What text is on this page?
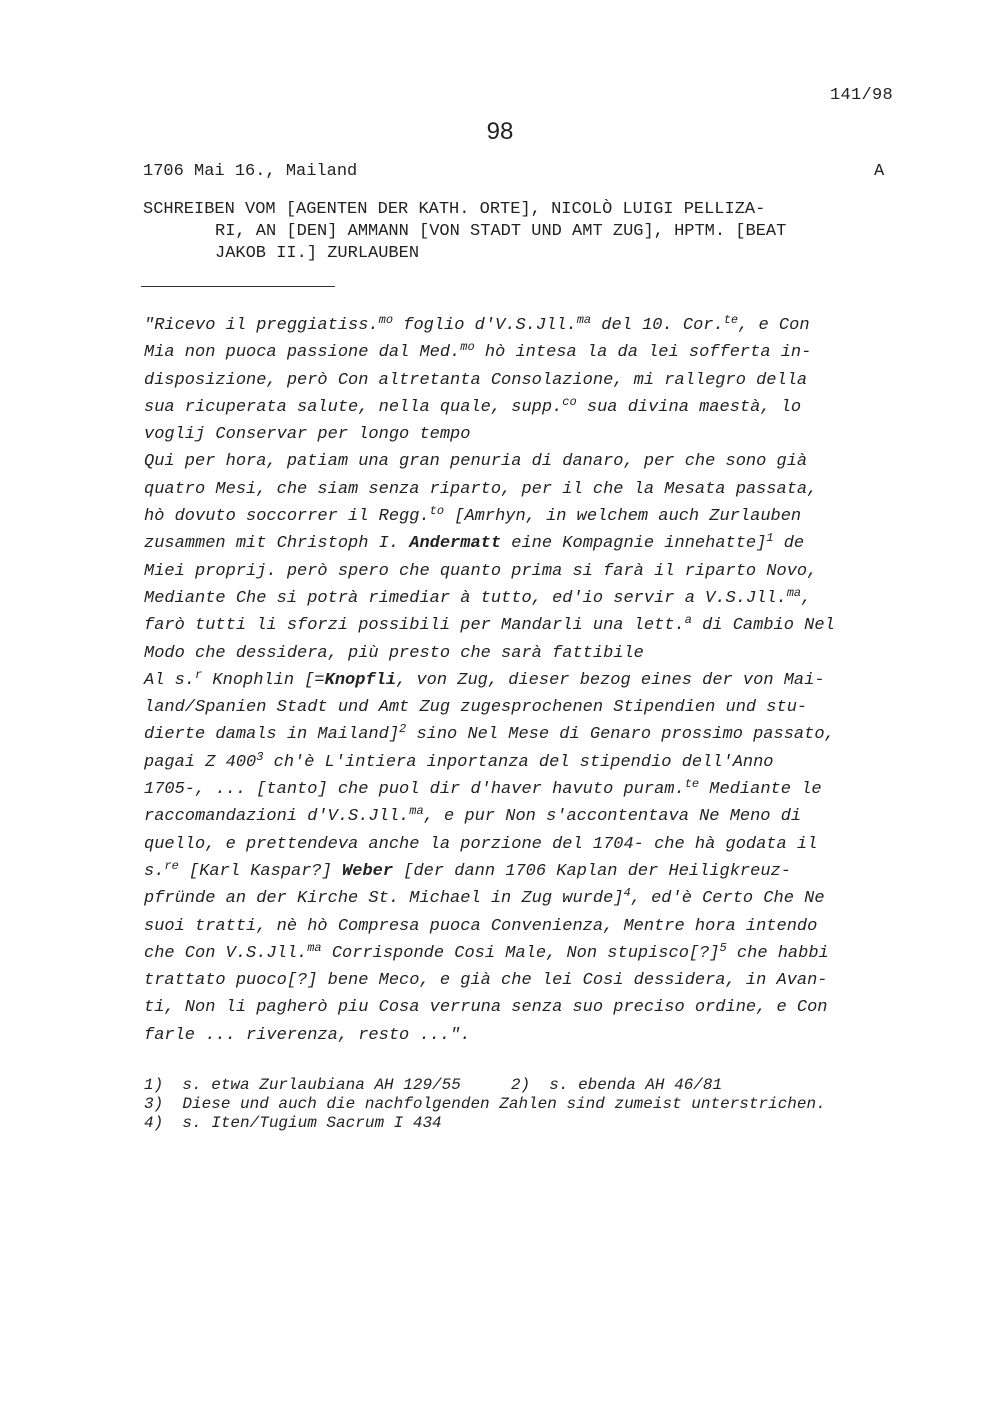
141/98
98
1706 Mai 16., Mailand	A
SCHREIBEN VOM [AGENTEN DER KATH. ORTE], NICOLÒ LUIGI PELLIZA-
RI, AN [DEN] AMMANN [VON STADT UND AMT ZUG], HPTM. [BEAT
JAKOB II.] ZURLAUBEN
"Ricevo il preggiatiss.$^{mo}$ foglio d'V.S.Jll.$^{ma}$ del 10. Cor.$^{te}$, e Con
Mia non puoca passione dal Med.$^{mo}$ hò intesa la da lei sofferta in-
disposizione, però Con altretanta Consolazione, mi rallegro della
sua ricuperata salute, nella quale, supp.$^{co}$ sua divina maestà, lo
voglij Conservar per longo tempo
Qui per hora, patiam una gran penuria di danaro, per che sono già
quatro Mesi, che siam senza riparto, per il che la Mesata passata,
hò dovuto soccorrer il Regg.$^{to}$ [Amrhyn, in welchem auch Zurlauben
zusammen mit Christoph I. Andermatt eine Kompagnie innehatte]$^1$ de
Miei proprij. però spero che quanto prima si farà il riparto Novo,
Mediante Che si potrà rimediar à tutto, ed'io servir a V.S.Jll.$^{ma}$,
farò tutti li sforzi possibili per Mandarli una lett.$^a$ di Cambio Nel
Modo che dessidera, più presto che sarà fattibile
Al s.$^r$ Knophlin [=Knopfli, von Zug, dieser bezog eines der von Mai-
land/Spanien Stadt und Amt Zug zugesprochenen Stipendien und stu-
dierte damals in Mailand]$^2$ sino Nel Mese di Genaro prossimo passato,
pagai Z $400^3$ ch'è L'intiera inportanza del stipendio dell'Anno
1705-, ... [tanto] che puol dir d'haver havuto puram.$^{te}$ Mediante le
raccomandazioni d'V.S.Jll.$^{ma}$, e pur Non s'accontentava Ne Meno di
quello, e prettendeva anche la porzione del 1704- che hà godata il
s.$^{re}$ [Karl Kaspar?] Weber [der dann 1706 Kaplan der Heiligkreuz-
pfründe an der Kirche St. Michael in Zug wurde]$^4$, ed'è Certo Che Ne
suoi tratti, nè hò Compresa puoca Convenienza, Mentre hora intendo
che Con V.S.Jll.$^{ma}$ Corrisponde Cosi Male, Non stupisco[?]$^5$ che habbi
trattato puoco[?] bene Meco, e già che lei Cosi dessidera, in Avan-
ti, Non li pagherò piu Cosa verruna senza suo preciso ordine, e Con
farle ... riverenza, resto ...".
1)  s. etwa Zurlaubiana AH 129/55	2)  s. ebenda AH 46/81
3)  Diese und auch die nachfolgenden Zahlen sind zumeist unterstrichen.
4)  s. Iten/Tugium Sacrum I 434
